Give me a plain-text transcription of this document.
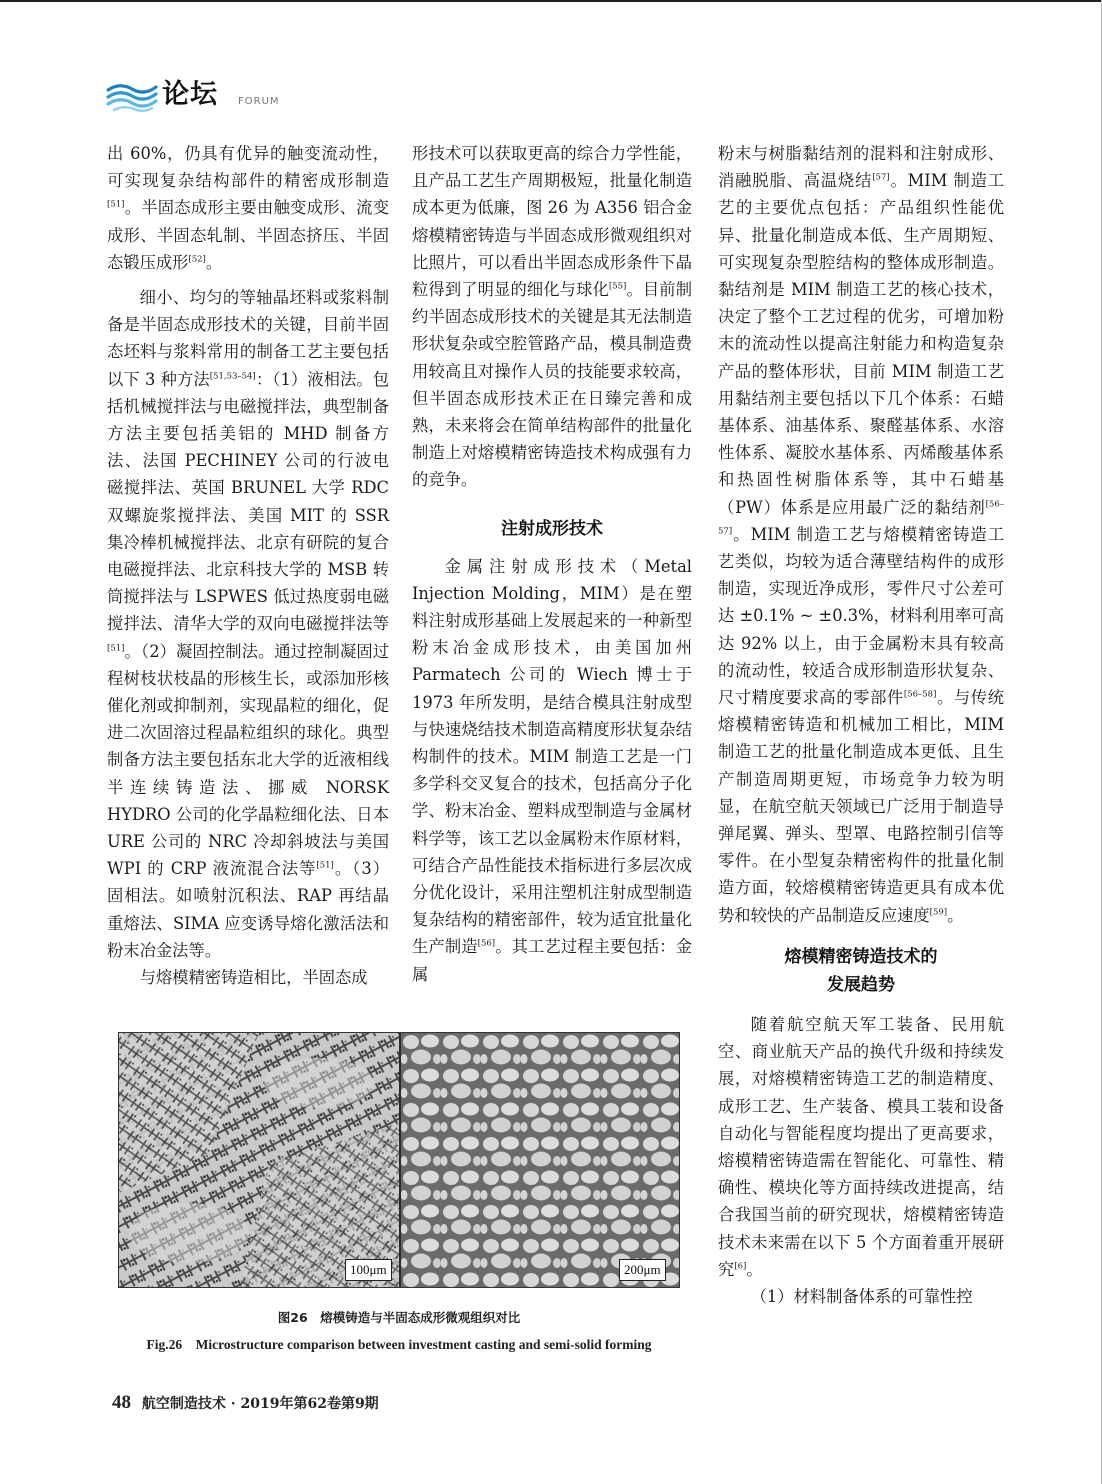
论坛 FORUM

出 60%，仍具有优异的触变流动性，可实现复杂结构部件的精密成形制造[51]。半固态成形主要由触变成形、流变成形、半固态轧制、半固态挤压、半固态锻压成形[52]。

细小、均匀的等轴晶坯料或浆料制备是半固态成形技术的关键，目前半固态坯料与浆料常用的制备工艺主要包括以下 3 种方法[51,53–54]：（1）液相法。包括机械搅拌法与电磁搅拌法，典型制备方法主要包括美铝的 MHD 制备方法、法国 PECHINEY 公司的行波电磁搅拌法、英国 BRUNEL 大学 RDC 双螺旋浆搅拌法、美国 MIT 的 SSR 集冷棒机械搅拌法、北京有研院的复合电磁搅拌法、北京科技大学的 MSB 转筒搅拌法与 LSPWES 低过热度弱电磁搅拌法、清华大学的双向电磁搅拌法等[51]。（2）凝固控制法。通过控制凝固过程树枝状枝晶的形核生长，或添加形核催化剂或抑制剂，实现晶粒的细化，促进二次固溶过程晶粒组织的球化。典型制备方法主要包括东北大学的近液相线半连续铸造法、挪威 NORSK HYDRO 公司的化学晶粒细化法、日本 URE 公司的 NRC 冷却斜坡法与美国 WPI 的 CRP 液流混合法等[51]。（3）固相法。如喷射沉积法、RAP 再结晶重熔法、SIMA 应变诱导熔化激活法和粉末冶金法等。

与熔模精密铸造相比，半固态成

形技术可以获取更高的综合力学性能，且产品工艺生产周期极短，批量化制造成本更为低廉，图 26 为 A356 铝合金熔模精密铸造与半固态成形微观组织对比照片，可以看出半固态成形条件下晶粒得到了明显的细化与球化[55]。目前制约半固态成形技术的关键是其无法制造形状复杂或空腔管路产品，模具制造费用较高且对操作人员的技能要求较高，但半固态成形技术正在日臻完善和成熟，未来将会在简单结构部件的批量化制造上对熔模精密铸造技术构成强有力的竞争。

注射成形技术

金属注射成形技术（Metal Injection Molding，MIM）是在塑料注射成形基础上发展起来的一种新型粉末冶金成形技术，由美国加州 Parmatech 公司的 Wiech 博士于 1973 年所发明，是结合模具注射成型与快速烧结技术制造高精度形状复杂结构制件的技术。MIM 制造工艺是一门多学科交叉复合的技术，包括高分子化学、粉末冶金、塑料成型制造与金属材料学等，该工艺以金属粉末作原材料，可结合产品性能技术指标进行多层次成分优化设计，采用注塑机注射成型制造复杂结构的精密部件，较为适宜批量化生产制造[56]。其工艺过程主要包括：金属

粉末与树脂黏结剂的混料和注射成形、消融脱脂、高温烧结[57]。MIM 制造工艺的主要优点包括：产品组织性能优异、批量化制造成本低、生产周期短、可实现复杂型腔结构的整体成形制造。黏结剂是 MIM 制造工艺的核心技术，决定了整个工艺过程的优劣，可增加粉末的流动性以提高注射能力和构造复杂产品的整体形状，目前 MIM 制造工艺用黏结剂主要包括以下几个体系：石蜡基体系、油基体系、聚醛基体系、水溶性体系、凝胶水基体系、丙烯酸基体系和热固性树脂体系等，其中石蜡基（PW）体系是应用最广泛的黏结剂[56–57]。MIM 制造工艺与熔模精密铸造工艺类似，均较为适合薄壁结构件的成形制造，实现近净成形，零件尺寸公差可达 ±0.1% ~ ±0.3%，材料利用率可高达 92% 以上，由于金属粉末具有较高的流动性，较适合成形制造形状复杂、尺寸精度要求高的零部件[56–58]。与传统熔模精密铸造和机械加工相比，MIM 制造工艺的批量化制造成本更低、且生产制造周期更短，市场竞争力较为明显，在航空航天领域已广泛用于制造导弹尾翼、弹头、型罩、电路控制引信等零件。在小型复杂精密构件的批量化制造方面，较熔模精密铸造更具有成本优势和较快的产品制造反应速度[59]。

熔模精密铸造技术的
发展趋势

随着航空航天军工装备、民用航空、商业航天产品的换代升级和持续发展，对熔模精密铸造工艺的制造精度、成形工艺、生产装备、模具工装和设备自动化与智能程度均提出了更高要求，熔模精密铸造需在智能化、可靠性、精确性、模块化等方面持续改进提高，结合我国当前的研究现状，熔模精密铸造技术未来需在以下 5 个方面着重开展研究[6]。

（1）材料制备体系的可靠性控

100μm	200μm
图26　熔模铸造与半固态成形微观组织对比
Fig.26　Microstructure comparison between investment casting and semi-solid forming
48 航空制造技术 · 2019年第62卷第9期
